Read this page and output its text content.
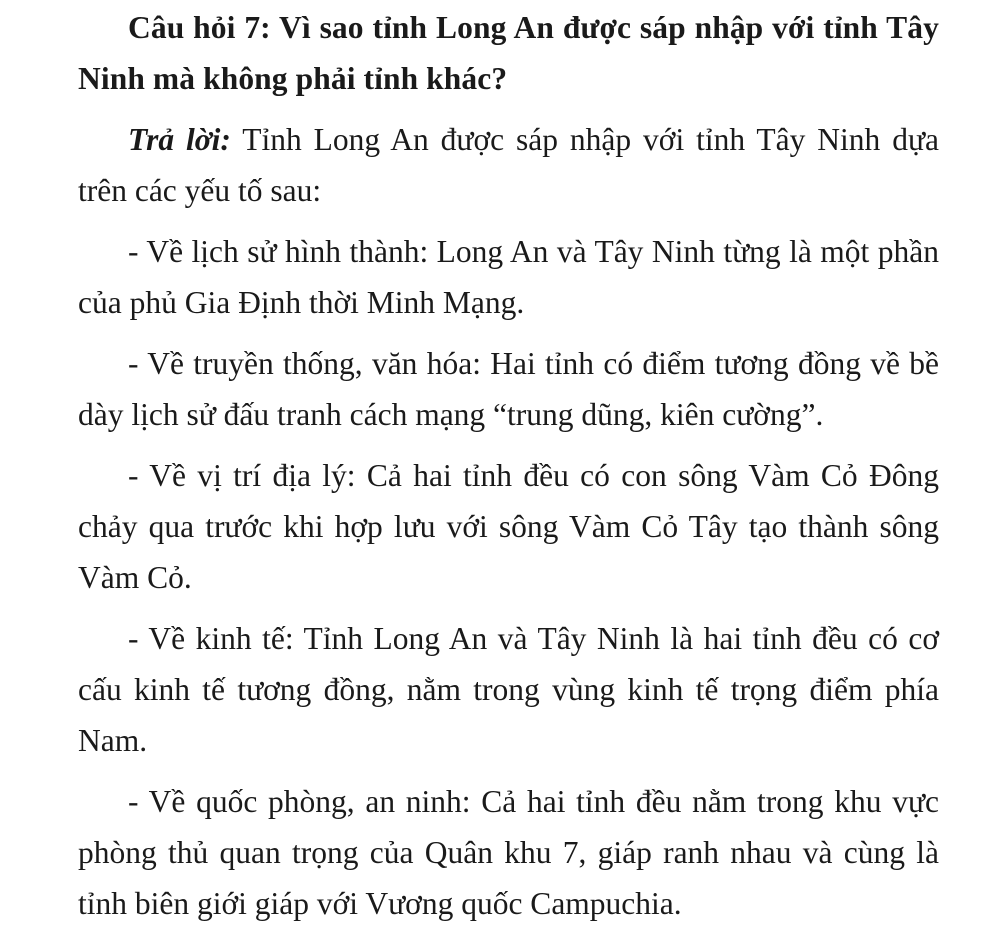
Câu hỏi 7: Vì sao tỉnh Long An được sáp nhập với tỉnh Tây Ninh mà không phải tỉnh khác?

Trả lời: Tỉnh Long An được sáp nhập với tỉnh Tây Ninh dựa trên các yếu tố sau:

- Về lịch sử hình thành: Long An và Tây Ninh từng là một phần của phủ Gia Định thời Minh Mạng.

- Về truyền thống, văn hóa: Hai tỉnh có điểm tương đồng về bề dày lịch sử đấu tranh cách mạng “trung dũng, kiên cường”.

- Về vị trí địa lý: Cả hai tỉnh đều có con sông Vàm Cỏ Đông chảy qua trước khi hợp lưu với sông Vàm Cỏ Tây tạo thành sông Vàm Cỏ.

- Về kinh tế: Tỉnh Long An và Tây Ninh là hai tỉnh đều có cơ cấu kinh tế tương đồng, nằm trong vùng kinh tế trọng điểm phía Nam.

- Về quốc phòng, an ninh: Cả hai tỉnh đều nằm trong khu vực phòng thủ quan trọng của Quân khu 7, giáp ranh nhau và cùng là tỉnh biên giới giáp với Vương quốc Campuchia.
